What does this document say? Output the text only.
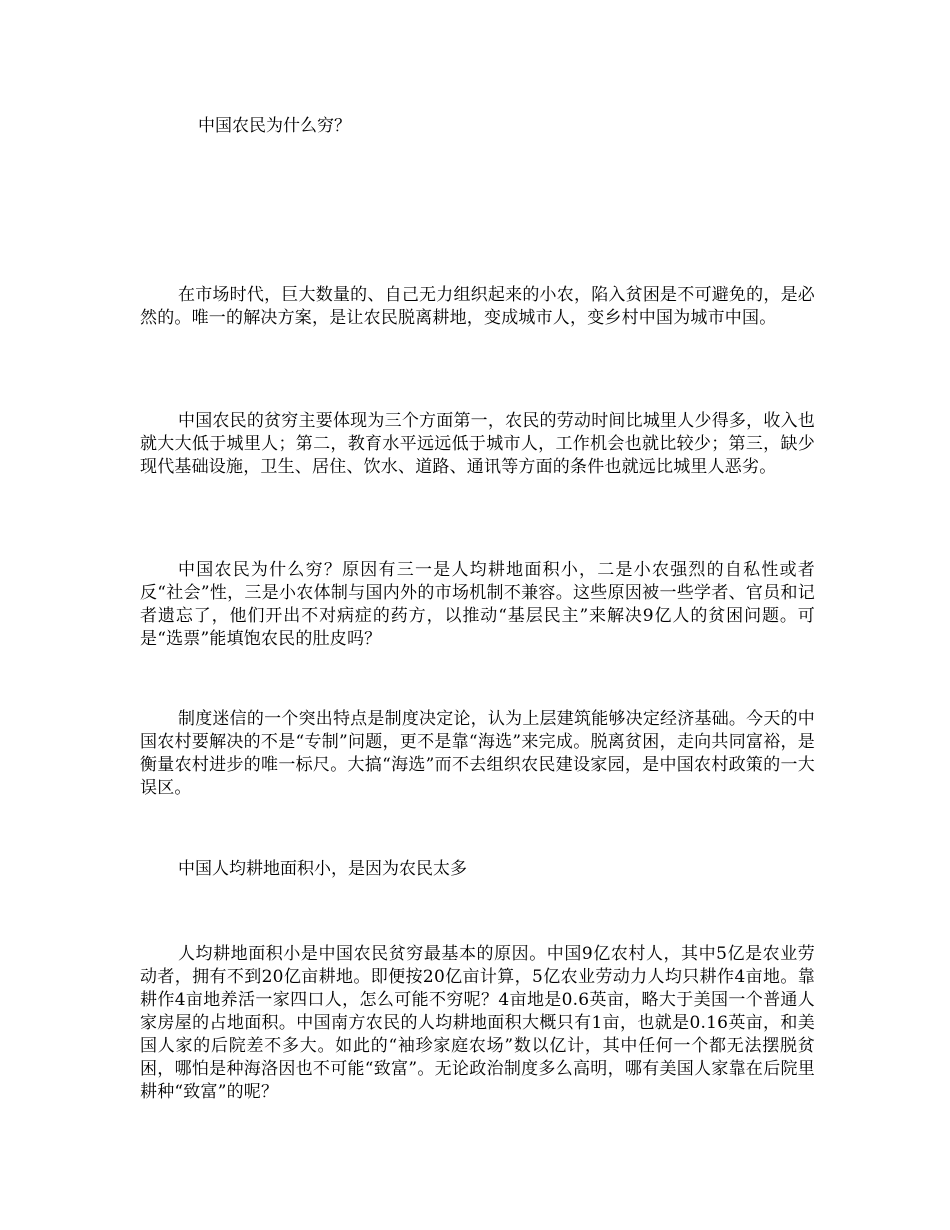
中国农民为什么穷？

在市场时代，巨大数量的、自己无力组织起来的小农，陷入贫困是不可避免的，是必然的。唯一的解决方案，是让农民脱离耕地，变成城市人，变乡村中国为城市中国。

中国农民的贫穷主要体现为三个方面第一，农民的劳动时间比城里人少得多，收入也就大大低于城里人；第二，教育水平远远低于城市人，工作机会也就比较少；第三，缺少现代基础设施，卫生、居住、饮水、道路、通讯等方面的条件也就远比城里人恶劣。

中国农民为什么穷？原因有三一是人均耕地面积小，二是小农强烈的自私性或者反“社会”性，三是小农体制与国内外的市场机制不兼容。这些原因被一些学者、官员和记者遗忘了，他们开出不对病症的药方，以推动“基层民主”来解决9亿人的贫困问题。可是“选票”能填饱农民的肚皮吗？

制度迷信的一个突出特点是制度决定论，认为上层建筑能够决定经济基础。今天的中国农村要解决的不是“专制”问题，更不是靠“海选”来完成。脱离贫困，走向共同富裕，是衡量农村进步的唯一标尺。大搞“海选”而不去组织农民建设家园，是中国农村政策的一大误区。

中国人均耕地面积小，是因为农民太多

人均耕地面积小是中国农民贫穷最基本的原因。中国9亿农村人，其中5亿是农业劳动者，拥有不到20亿亩耕地。即便按20亿亩计算，5亿农业劳动力人均只耕作4亩地。靠耕作4亩地养活一家四口人，怎么可能不穷呢？4亩地是0.6英亩，略大于美国一个普通人家房屋的占地面积。中国南方农民的人均耕地面积大概只有1亩，也就是0.16英亩，和美国人家的后院差不多大。如此的“袖珍家庭农场”数以亿计，其中任何一个都无法摆脱贫困，哪怕是种海洛因也不可能“致富”。无论政治制度多么高明，哪有美国人家靠在后院里耕种“致富”的呢？
